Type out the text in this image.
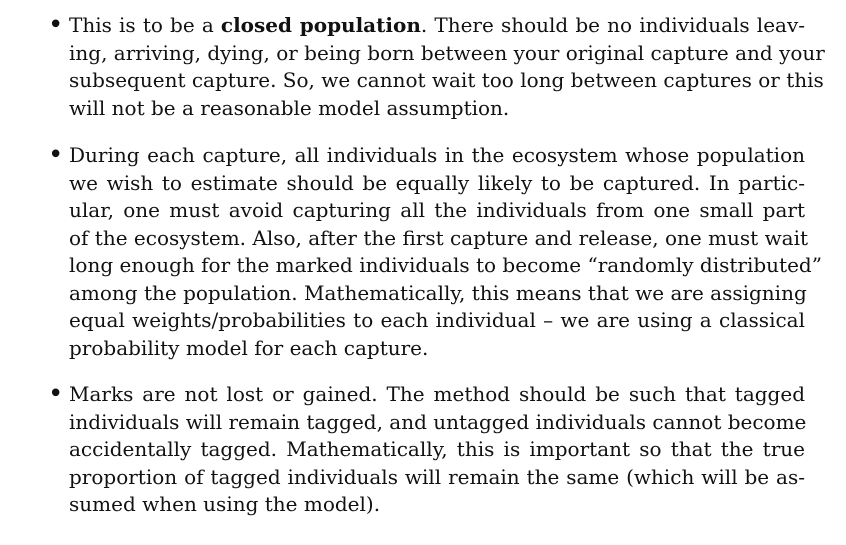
• This is to be a closed population. There should be no individuals leav-
ing, arriving, dying, or being born between your original capture and your
subsequent capture. So, we cannot wait too long between captures or this
will not be a reasonable model assumption.
• During each capture, all individuals in the ecosystem whose population
we wish to estimate should be equally likely to be captured. In partic-
ular, one must avoid capturing all the individuals from one small part
of the ecosystem. Also, after the first capture and release, one must wait
long enough for the marked individuals to become “randomly distributed”
among the population. Mathematically, this means that we are assigning
equal weights/probabilities to each individual – we are using a classical
probability model for each capture.
• Marks are not lost or gained. The method should be such that tagged
individuals will remain tagged, and untagged individuals cannot become
accidentally tagged. Mathematically, this is important so that the true
proportion of tagged individuals will remain the same (which will be as-
sumed when using the model).
